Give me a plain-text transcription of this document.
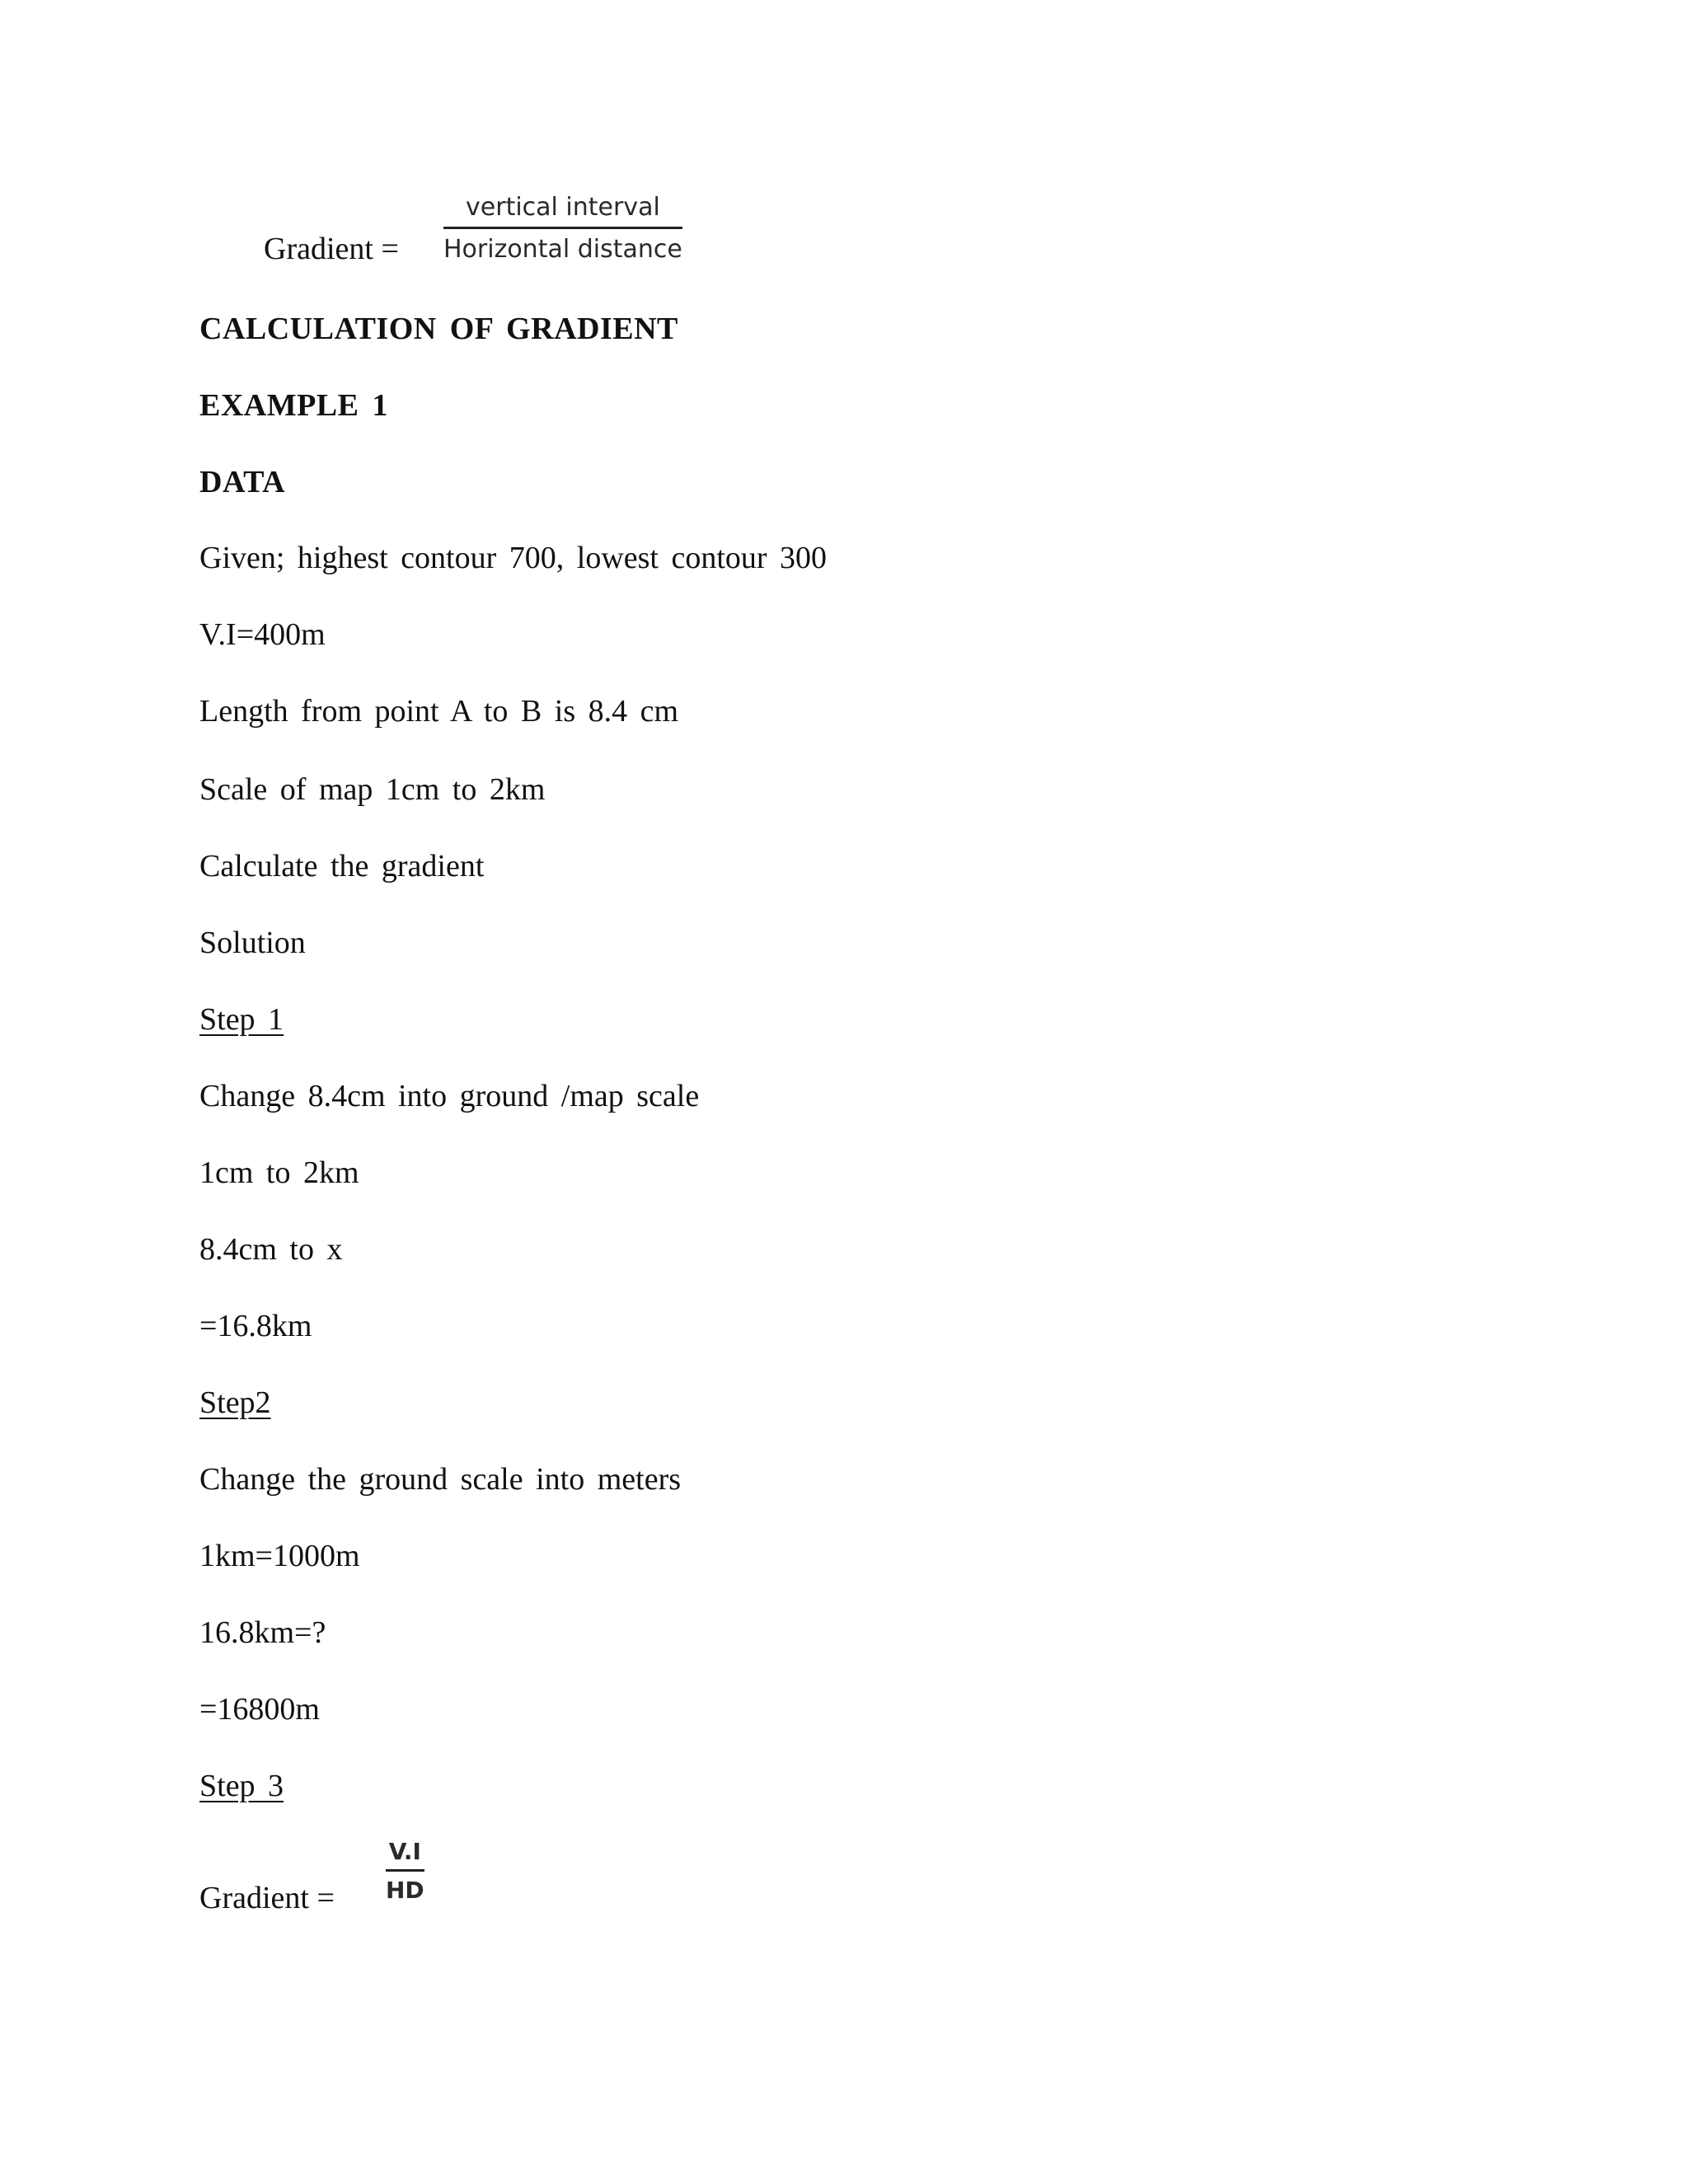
Gradient =
vertical interval
Horizontal distance
CALCULATION OF GRADIENT
EXAMPLE 1
DATA
Given; highest contour 700, lowest contour 300
V.I=400m
Length from point A to B is 8.4 cm
Scale of map 1cm to 2km
Calculate the gradient
Solution
Step 1
Change 8.4cm into ground /map scale
1cm to 2km
8.4cm to x
=16.8km
Step2
Change the ground scale into meters
1km=1000m
16.8km=?
=16800m
Step 3
Gradient =
V.I
HD
